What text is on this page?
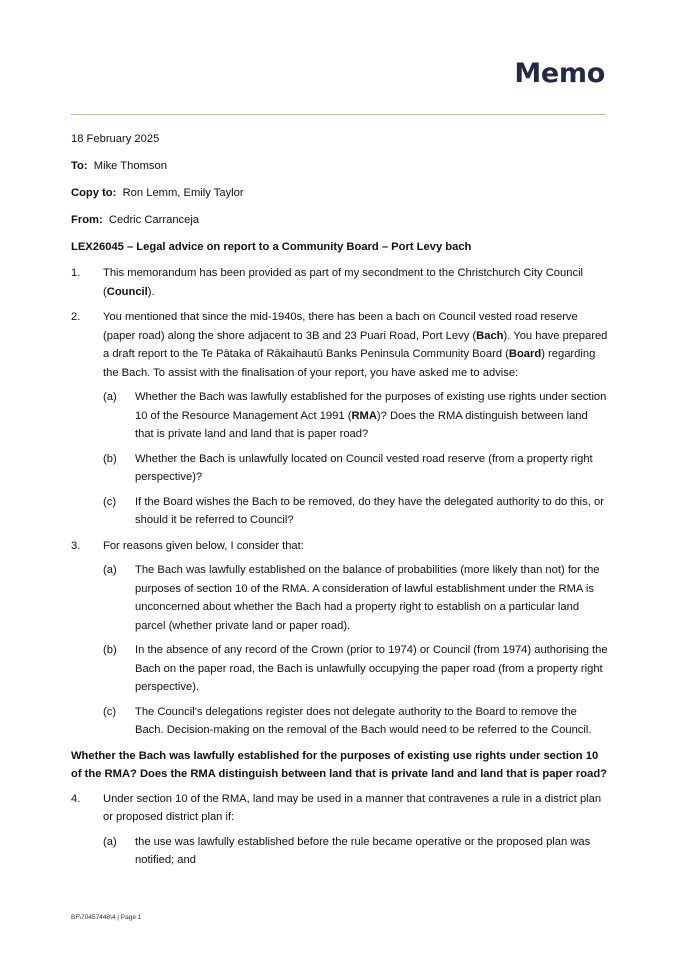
Memo
18 February 2025
To: Mike Thomson
Copy to: Ron Lemm, Emily Taylor
From: Cedric Carranceja
LEX26045 – Legal advice on report to a Community Board – Port Levy bach
1.	This memorandum has been provided as part of my secondment to the Christchurch City Council (Council).
2.	You mentioned that since the mid-1940s, there has been a bach on Council vested road reserve (paper road) along the shore adjacent to 3B and 23 Puari Road, Port Levy (Bach). You have prepared a draft report to the Te Pātaka of Rākaihautū Banks Peninsula Community Board (Board) regarding the Bach. To assist with the finalisation of your report, you have asked me to advise:
(a)	Whether the Bach was lawfully established for the purposes of existing use rights under section 10 of the Resource Management Act 1991 (RMA)? Does the RMA distinguish between land that is private land and land that is paper road?
(b)	Whether the Bach is unlawfully located on Council vested road reserve (from a property right perspective)?
(c)	If the Board wishes the Bach to be removed, do they have the delegated authority to do this, or should it be referred to Council?
3.	For reasons given below, I consider that:
(a)	The Bach was lawfully established on the balance of probabilities (more likely than not) for the purposes of section 10 of the RMA. A consideration of lawful establishment under the RMA is unconcerned about whether the Bach had a property right to establish on a particular land parcel (whether private land or paper road).
(b)	In the absence of any record of the Crown (prior to 1974) or Council (from 1974) authorising the Bach on the paper road, the Bach is unlawfully occupying the paper road (from a property right perspective).
(c)	The Council's delegations register does not delegate authority to the Board to remove the Bach. Decision-making on the removal of the Bach would need to be referred to the Council.
Whether the Bach was lawfully established for the purposes of existing use rights under section 10 of the RMA? Does the RMA distinguish between land that is private land and land that is paper road?
4.	Under section 10 of the RMA, land may be used in a manner that contravenes a rule in a district plan or proposed district plan if:
(a)	the use was lawfully established before the rule became operative or the proposed plan was notified; and
BF\70457448\4 | Page 1
